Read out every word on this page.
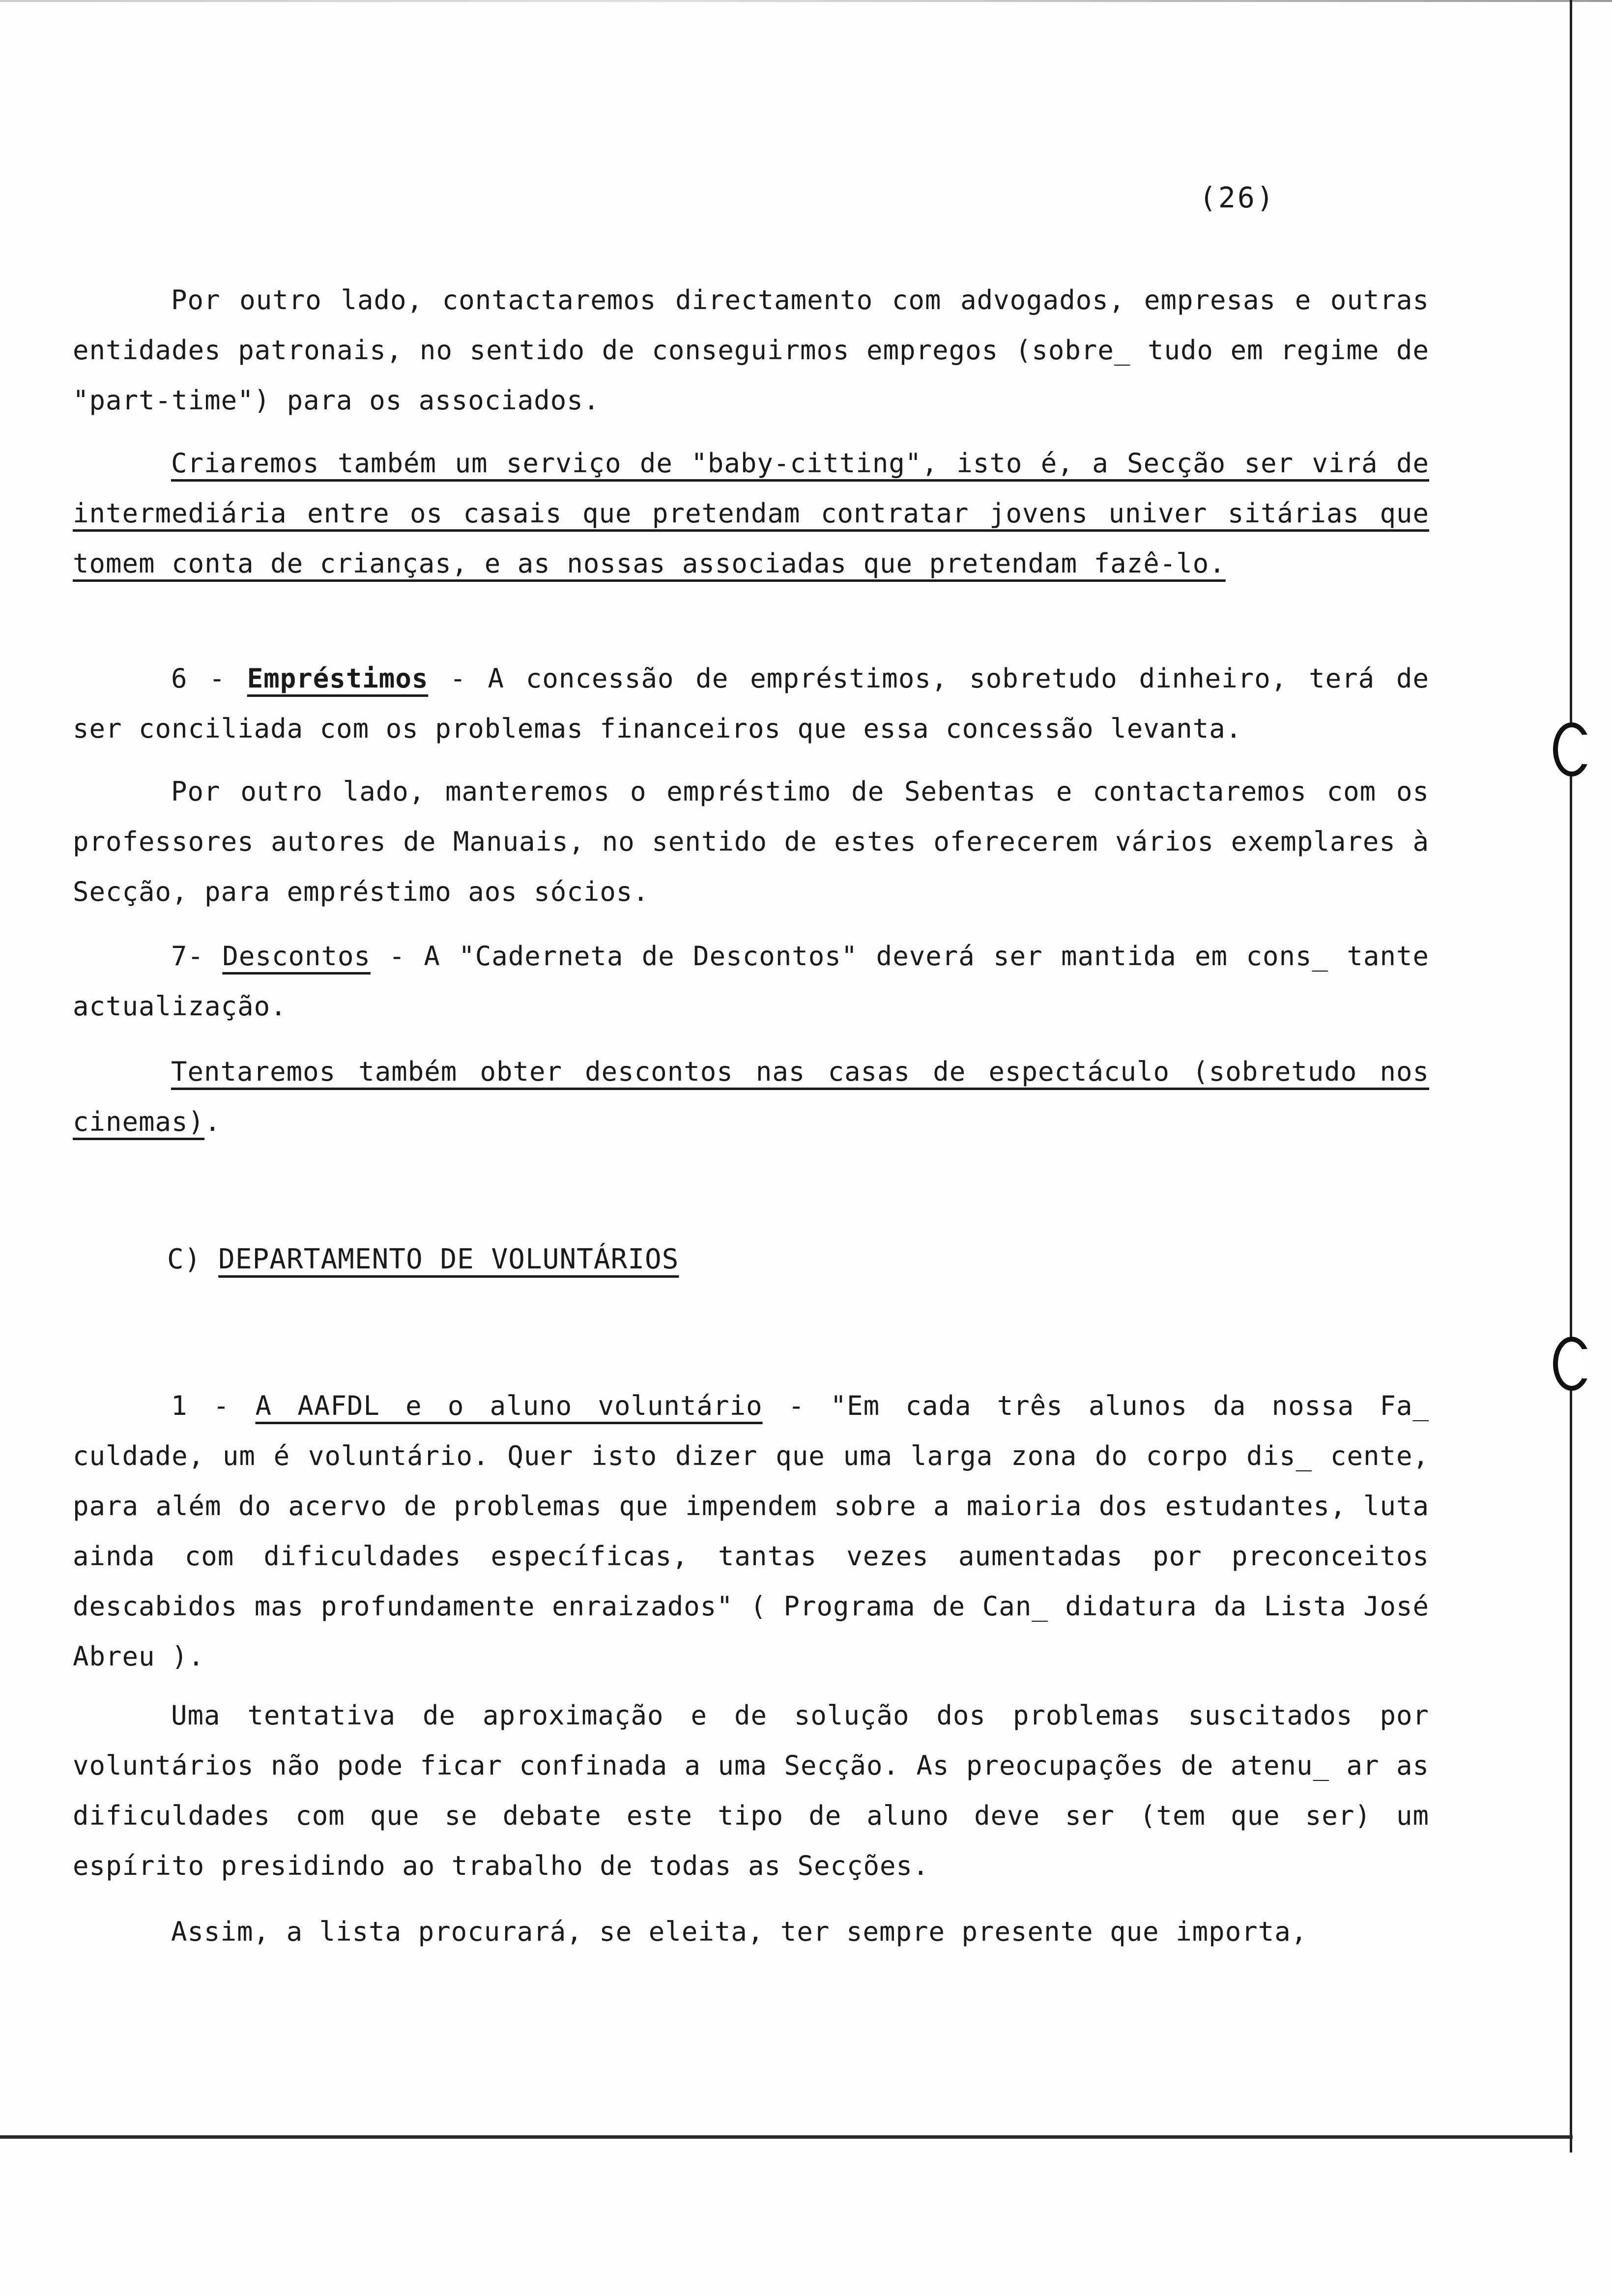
(26)
Por outro lado, contactaremos directamento com advogados, empresas e outras entidades patronais, no sentido de conseguirmos empregos (sobre_ tudo em regime de "part-time") para os associados.
Criaremos também um serviço de "baby-citting", isto é, a Secção ser virá de intermediária entre os casais que pretendam contratar jovens univer sitárias que tomem conta de crianças, e as nossas associadas que pretendam fazê-lo.
6 - Empréstimos - A concessão de empréstimos, sobretudo dinheiro, terá de ser conciliada com os problemas financeiros que essa concessão levanta.
Por outro lado, manteremos o empréstimo de Sebentas e contactaremos com os professores autores de Manuais, no sentido de estes oferecerem vários exemplares à Secção, para empréstimo aos sócios.
7- Descontos - A "Caderneta de Descontos" deverá ser mantida em cons_ tante actualização.
Tentaremos também obter descontos nas casas de espectáculo (sobretudo nos cinemas).
C) DEPARTAMENTO DE VOLUNTÁRIOS
1 - A AAFDL e o aluno voluntário - "Em cada três alunos da nossa Fa_ culdade, um é voluntário. Quer isto dizer que uma larga zona do corpo dis_ cente, para além do acervo de problemas que impendem sobre a maioria dos estudantes, luta ainda com dificuldades específicas, tantas vezes aumentadas por preconceitos descabidos mas profundamente enraizados" ( Programa de Can_ didatura da Lista José Abreu ).
Uma tentativa de aproximação e de solução dos problemas suscitados por voluntários não pode ficar confinada a uma Secção. As preocupações de atenu_ ar as dificuldades com que se debate este tipo de aluno deve ser (tem que ser) um espírito presidindo ao trabalho de todas as Secções.
Assim, a lista procurará, se eleita, ter sempre presente que importa,
